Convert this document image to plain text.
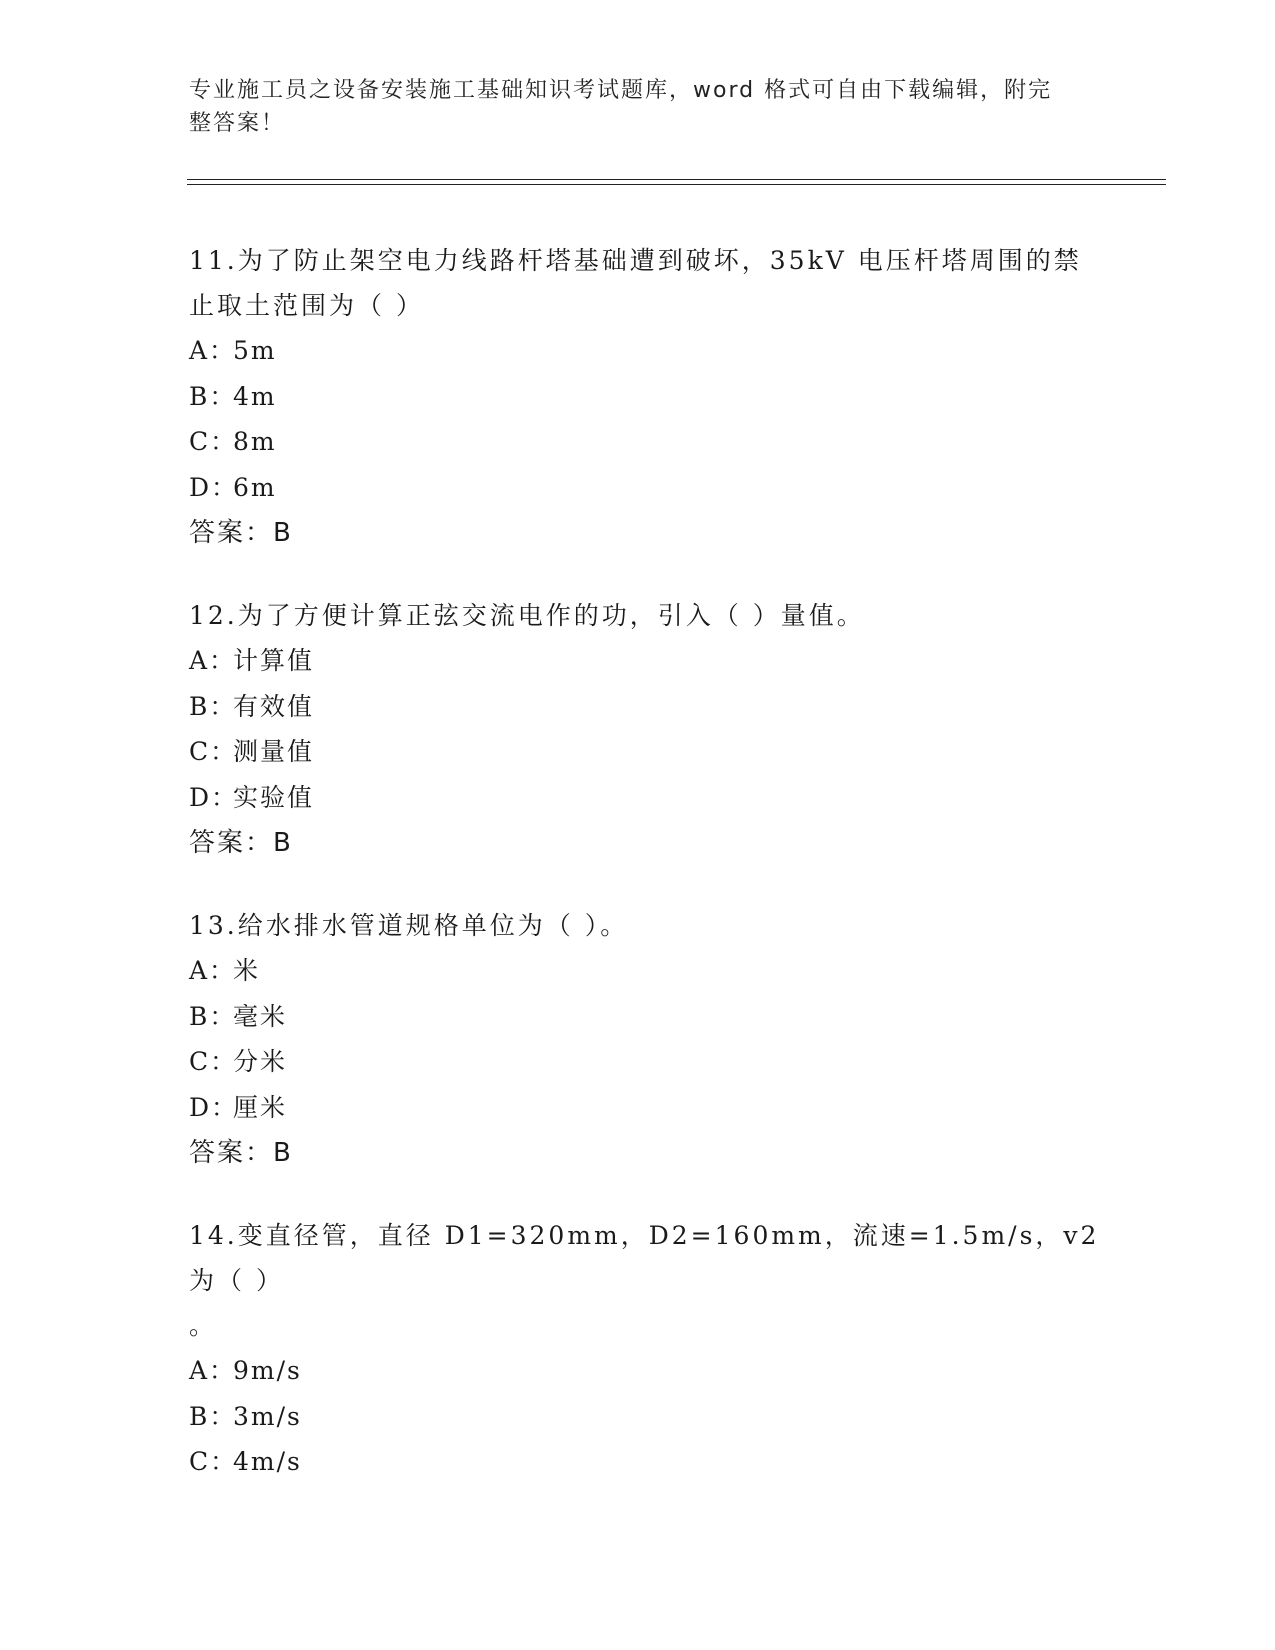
专业施工员之设备安装施工基础知识考试题库，word 格式可自由下载编辑，附完
整答案！

11.为了防止架空电力线路杆塔基础遭到破坏，35kV 电压杆塔周围的禁

止取土范围为（ ）

A：5m

B：4m

C：8m

D：6m

答案：B

12.为了方便计算正弦交流电作的功，引入（ ）量值。

A：计算值

B：有效值

C：测量值

D：实验值

答案：B

13.给水排水管道规格单位为（ ）。

A：米

B：毫米

C：分米

D：厘米

答案：B

14.变直径管，直径 D1=320mm，D2=160mm，流速=1.5m/s，v2 为（ ）

。

A：9m/s

B：3m/s

C：4m/s
